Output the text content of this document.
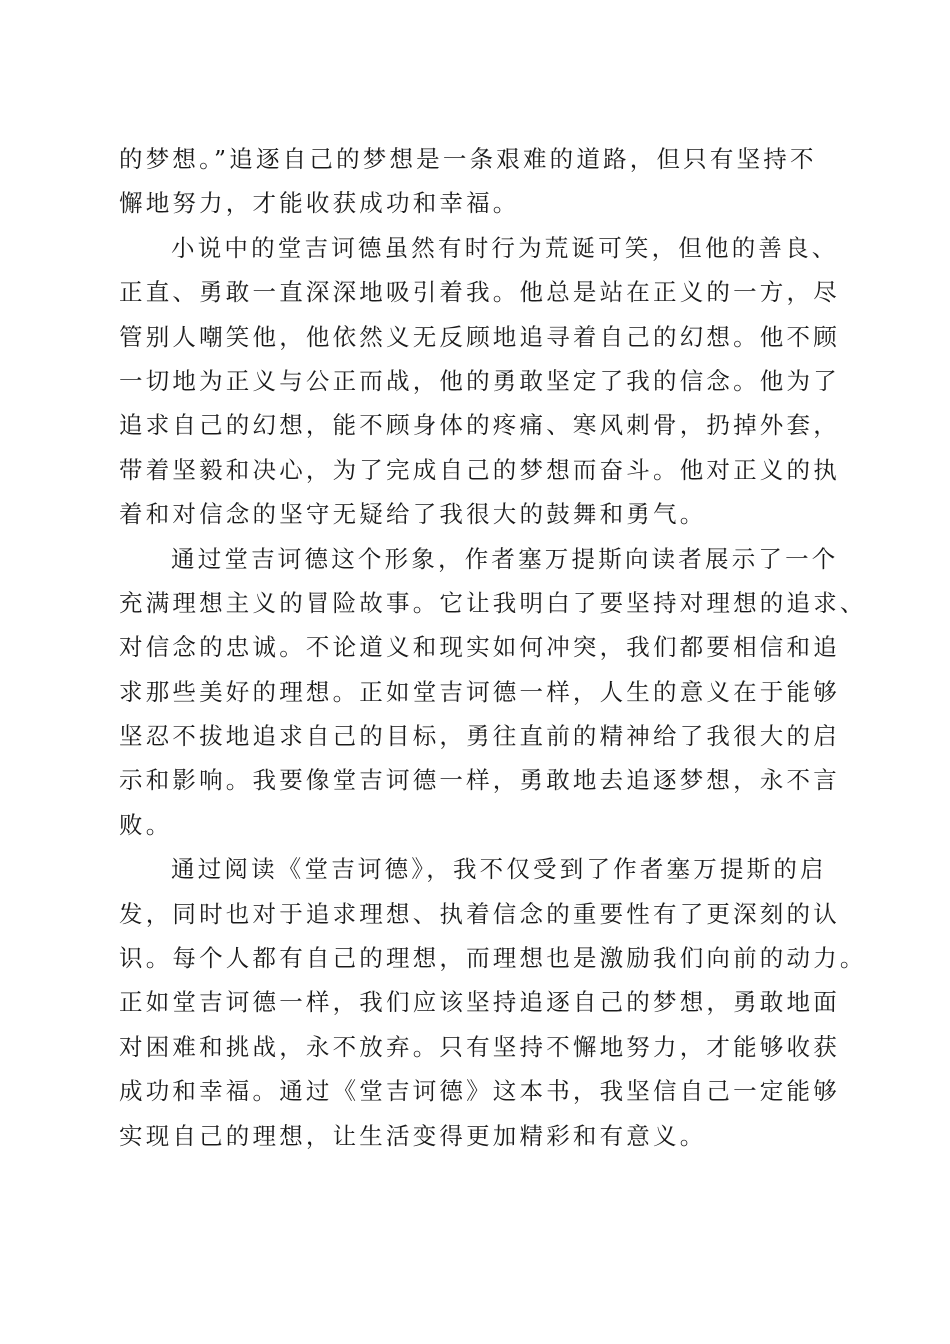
的梦想。”追逐自己的梦想是一条艰难的道路，但只有坚持不
懈地努力，才能收获成功和幸福。
小说中的堂吉诃德虽然有时行为荒诞可笑，但他的善良、
正直、勇敢一直深深地吸引着我。他总是站在正义的一方，尽
管别人嘲笑他，他依然义无反顾地追寻着自己的幻想。他不顾
一切地为正义与公正而战，他的勇敢坚定了我的信念。他为了
追求自己的幻想，能不顾身体的疼痛、寒风刺骨，扔掉外套，
带着坚毅和决心，为了完成自己的梦想而奋斗。他对正义的执
着和对信念的坚守无疑给了我很大的鼓舞和勇气。
通过堂吉诃德这个形象，作者塞万提斯向读者展示了一个
充满理想主义的冒险故事。它让我明白了要坚持对理想的追求、
对信念的忠诚。不论道义和现实如何冲突，我们都要相信和追
求那些美好的理想。正如堂吉诃德一样，人生的意义在于能够
坚忍不拔地追求自己的目标，勇往直前的精神给了我很大的启
示和影响。我要像堂吉诃德一样，勇敢地去追逐梦想，永不言
败。
通过阅读《堂吉诃德》，我不仅受到了作者塞万提斯的启
发，同时也对于追求理想、执着信念的重要性有了更深刻的认
识。每个人都有自己的理想，而理想也是激励我们向前的动力。
正如堂吉诃德一样，我们应该坚持追逐自己的梦想，勇敢地面
对困难和挑战，永不放弃。只有坚持不懈地努力，才能够收获
成功和幸福。通过《堂吉诃德》这本书，我坚信自己一定能够
实现自己的理想，让生活变得更加精彩和有意义。
